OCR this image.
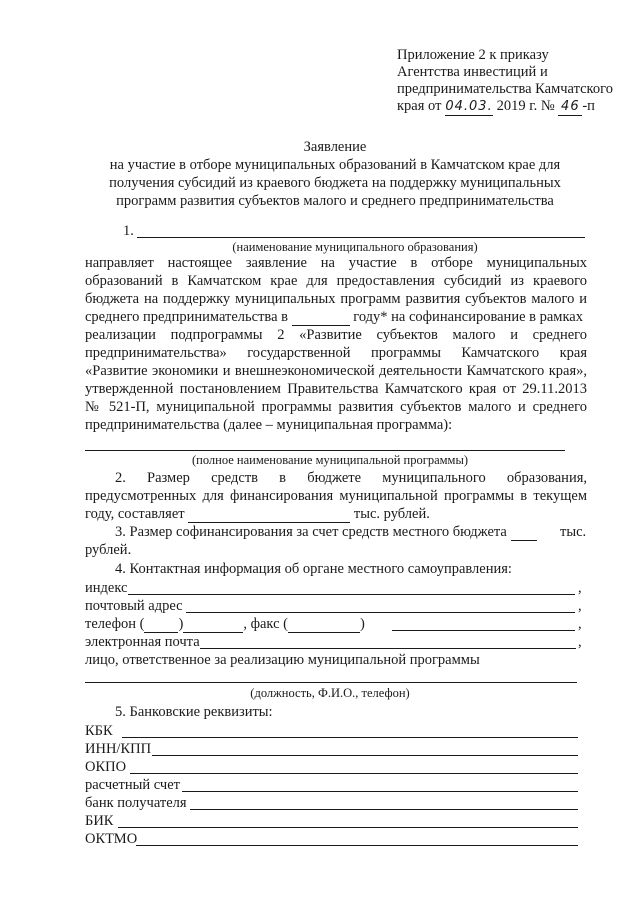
Приложение 2 к приказу
Агентства инвестиций и
предпринимательства Камчатского
края от 04.03. 2019 г. № 46 -п
Заявление
на участие в отборе муниципальных образований в Камчатском крае для
получения субсидий из краевого бюджета на поддержку муниципальных
программ развития субъектов малого и среднего предпринимательства
1.
(наименование муниципального образования)
направляет настоящее заявление на участие в отборе муниципальных
образований в Камчатском крае для предоставления субсидий из краевого
бюджета на поддержку муниципальных программ развития субъектов малого и
среднего предпринимательства в	году* на софинансирование в рамках
реализации подпрограммы 2 «Развитие субъектов малого и среднего
предпринимательства» государственной программы Камчатского края
«Развитие экономики и внешнеэкономической деятельности Камчатского края»,
утвержденной постановлением Правительства Камчатского края от 29.11.2013
№ 521-П, муниципальной программы развития субъектов малого и среднего
предпринимательства (далее – муниципальная программа):
(полное наименование муниципальной программы)
2. Размер средств в бюджете муниципального образования,
предусмотренных для финансирования муниципальной программы в текущем
году, составляет	тыс. рублей.
3. Размер софинансирования за счет средств местного бюджета	тыс.
рублей.
4. Контактная информация об органе местного самоуправления:
индекс	,
почтовый адрес	,
телефон ( )	, факс (	)	,
электронная почта	,
лицо, ответственное за реализацию муниципальной программы
(должность, Ф.И.О., телефон)
5. Банковские реквизиты:
КБК
ИНН/КПП
ОКПО
расчетный счет
банк получателя
БИК
ОКТМО
